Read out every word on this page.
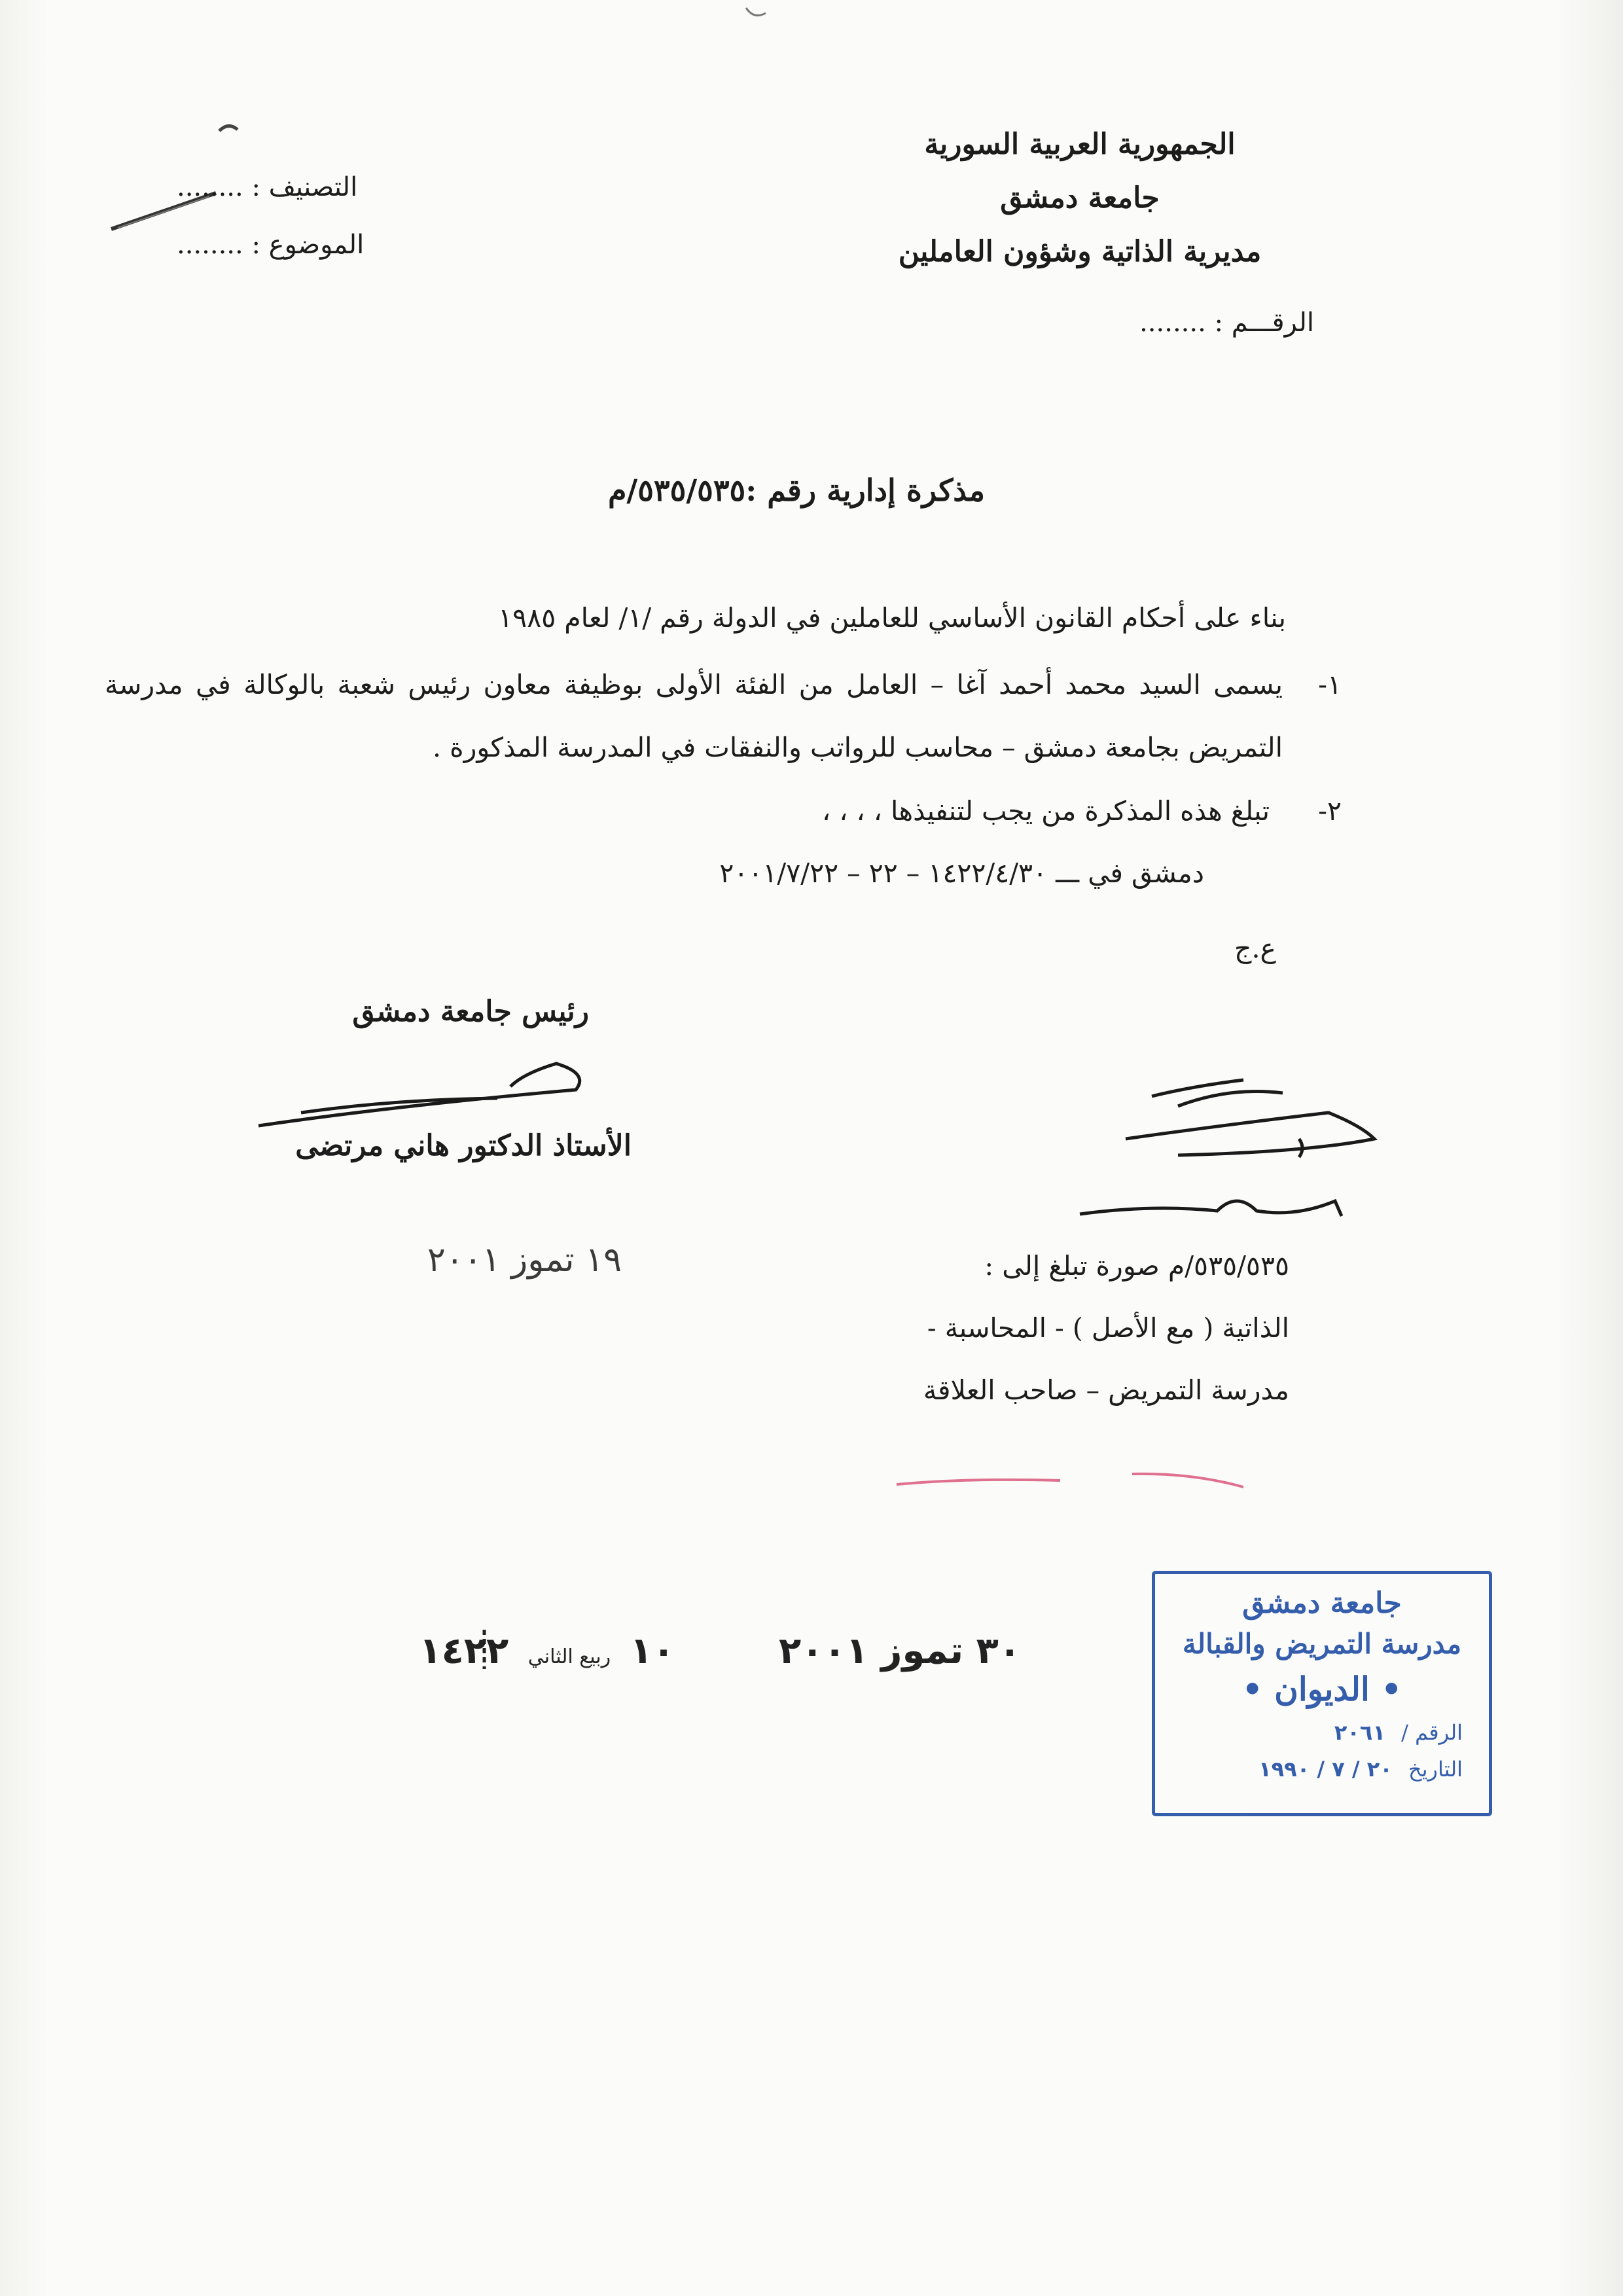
الجمهورية العربية السورية
جامعة دمشق
مديرية الذاتية وشؤون العاملين
الرقـــم : ........
التصنيف : ........
الموضوع : ........
مذكرة إدارية رقم :٥٣٥/٥٣٥/م
بناء على أحكام القانون الأساسي للعاملين في الدولة رقم /١/ لعام ١٩٨٥
١-
يسمى السيد محمد أحمد آغا – العامل من الفئة الأولى بوظيفة معاون رئيس شعبة بالوكالة في مدرسة
التمريض بجامعة دمشق – محاسب للرواتب والنفقات في المدرسة المذكورة .
٢-
تبلغ هذه المذكرة من يجب لتنفيذها ، ، ، ،
دمشق في ـــ ١٤٢٢/٤/٣٠ – ٢٢ – ٢٠٠١/٧/٢٢
ع.ج
رئيس جامعة دمشق
الأستاذ الدكتور هاني مرتضى
١٩ تموز ٢٠٠١	٥٣٥/٥٣٥/م صورة تبلغ إلى :
الذاتية ( مع الأصل ) - المحاسبة -
مدرسة التمريض – صاحب العلاقة
٣٠ تموز ٢٠٠١  ١٠ ربيع الثاني ١٤٢٢
جامعة دمشق
مدرسة التمريض والقبالة
• الديوان •
الرقم / ٢٠٦١
التاريخ ٢٠ / ٧ / ١٩٩٠
